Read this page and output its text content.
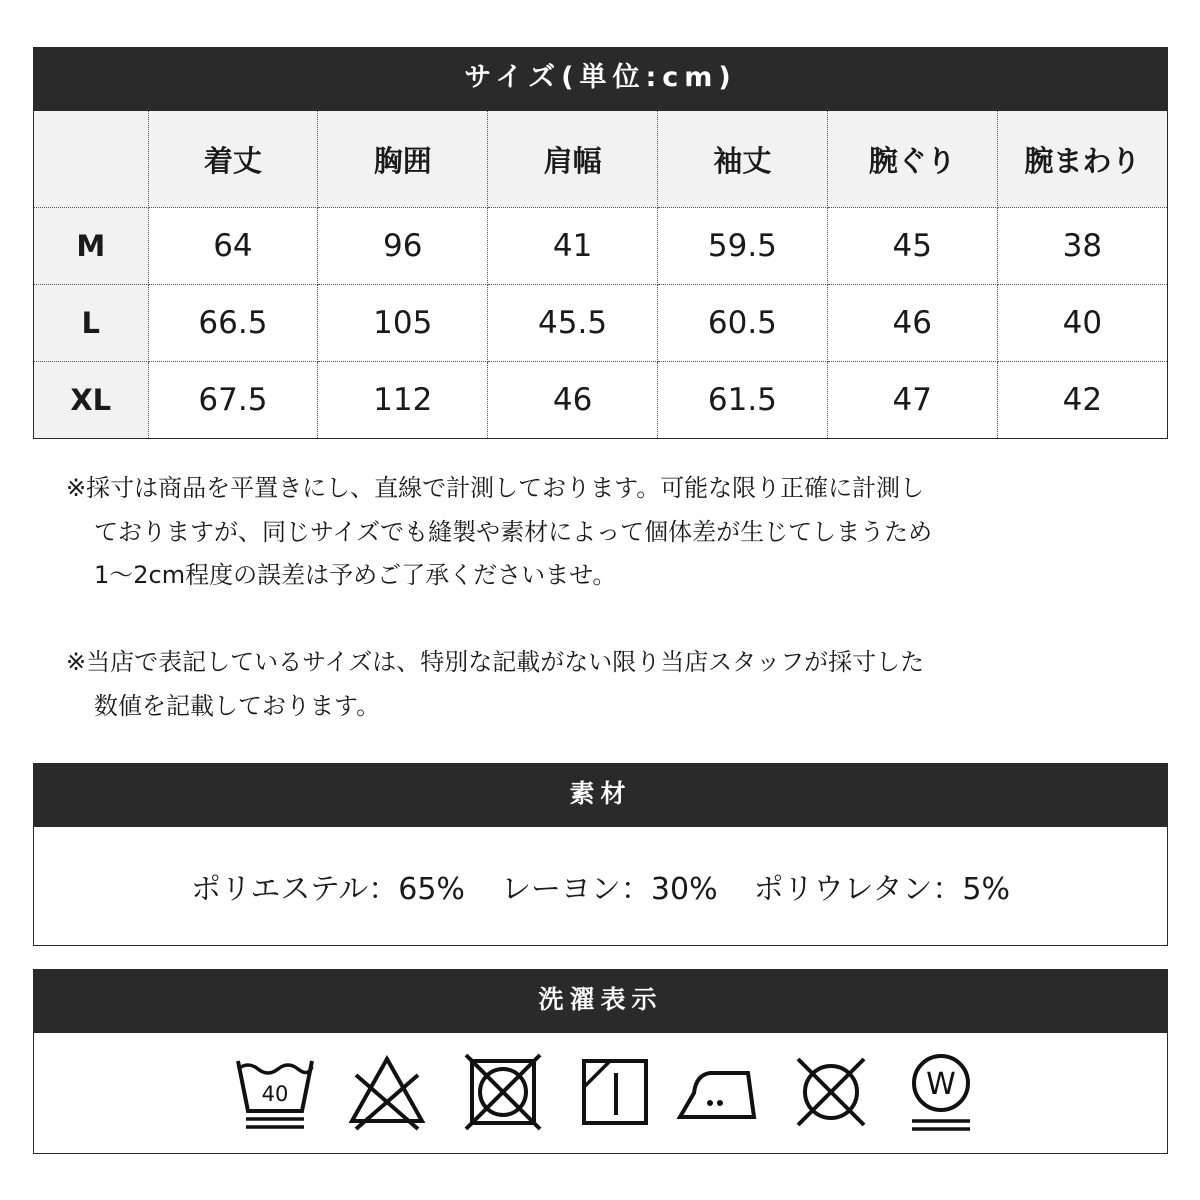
サイズ(単位:cm)
	着丈	胸囲	肩幅	袖丈	腕ぐり	腕まわり
M	64	96	41	59.5	45	38
L	66.5	105	45.5	60.5	46	40
XL	67.5	112	46	61.5	47	42

※採寸は商品を平置きにし、直線で計測しております。可能な限り正確に計測し

ておりますが、同じサイズでも縫製や素材によって個体差が生じてしまうため

1～2cm程度の誤差は予めご了承くださいませ。

※当店で表記しているサイズは、特別な記載がない限り当店スタッフが採寸した

数値を記載しております。

素材
ポリエステル：65% レーヨン：30% ポリウレタン：5%
洗濯表示
40	W
